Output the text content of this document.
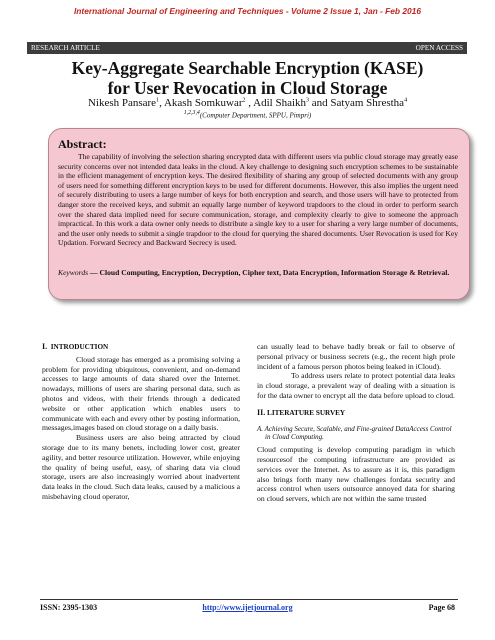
International Journal of Engineering and Techniques - Volume 2 Issue 1, Jan - Feb 2016
RESEARCH ARTICLE	OPEN ACCESS
Key-Aggregate Searchable Encryption (KASE)
for User Revocation in Cloud Storage
Nikesh Pansare$^1$, Akash Somkuwar$^2$ , Adil Shaikh$^3$ and Satyam Shrestha$^4$
$^{1,2,3,4}$(Computer Department, SPPU, Pimpri)
Abstract:
The capability of involving the selection sharing encrypted data with different users via public cloud storage may greatly ease security concerns over not intended data leaks in the cloud. A key challenge to designing such encryption schemes to be sustainable in the efficient management of encryption keys. The desired flexibility of sharing any group of selected documents with any group of users need for something different encryption keys to be used for different documents. However, this also implies the urgent need of securely distributing to users a large number of keys for both encryption and search, and those users will have to protected from danger store the received keys, and submit an equally large number of keyword trapdoors to the cloud in order to perform search over the shared data implied need for secure communication, storage, and complexity clearly to give to someone the approach impractical. In this work a data owner only needs to distribute a single key to a user for sharing a very large number of documents, and the user only needs to submit a single trapdoor to the cloud for querying the shared documents. User Revocation is used for Key Updation. Forward Secrecy and Backward Secrecy is used.
Keywords — Cloud Computing, Encryption, Decryption, Cipher text, Data Encryption, Information Storage & Retrieval.
I. INTRODUCTION

Cloud storage has emerged as a promising solving a problem for providing ubiquitous, convenient, and on-demand accesses to large amounts of data shared over the Internet. nowadays, millions of users are sharing personal data, such as photos and videos, with their friends through a dedicated website or other application which enables users to communicate with each and every other by posting information, messages,images based on cloud storage on a daily basis.

Business users are also being attracted by cloud storage due to its many benets, including lower cost, greater agility, and better resource utilization. However, while enjoying the quality of being useful, easy, of sharing data via cloud storage, users are also increasingly worried about inadvertent data leaks in the cloud. Such data leaks, caused by a malicious a misbehaving cloud operator,

can usually lead to behave badly break or fail to observe of personal privacy or business secrets (e.g., the recent high prole incident of a famous person photos being leaked in iCloud).

To address users relate to protect potential data leaks in cloud storage, a prevalent way of dealing with a situation is for the data owner to encrypt all the data before upload to cloud.

II. LITERATURE SURVEY
A. Achieving Secure, Scalable, and Fine-grained DataAccess Control in Cloud Computing.

Cloud computing is develop computing paradigm in which resourcesof the computing infrastructure are provided as services over the Internet. As to assure as it is, this paradigm also brings forth many new challenges fordata security and access control when users outsource annoyed data for sharing on cloud servers, which are not within the same trusted

ISSN: 2395-1303	http://www.ijetjournal.org	Page 68
